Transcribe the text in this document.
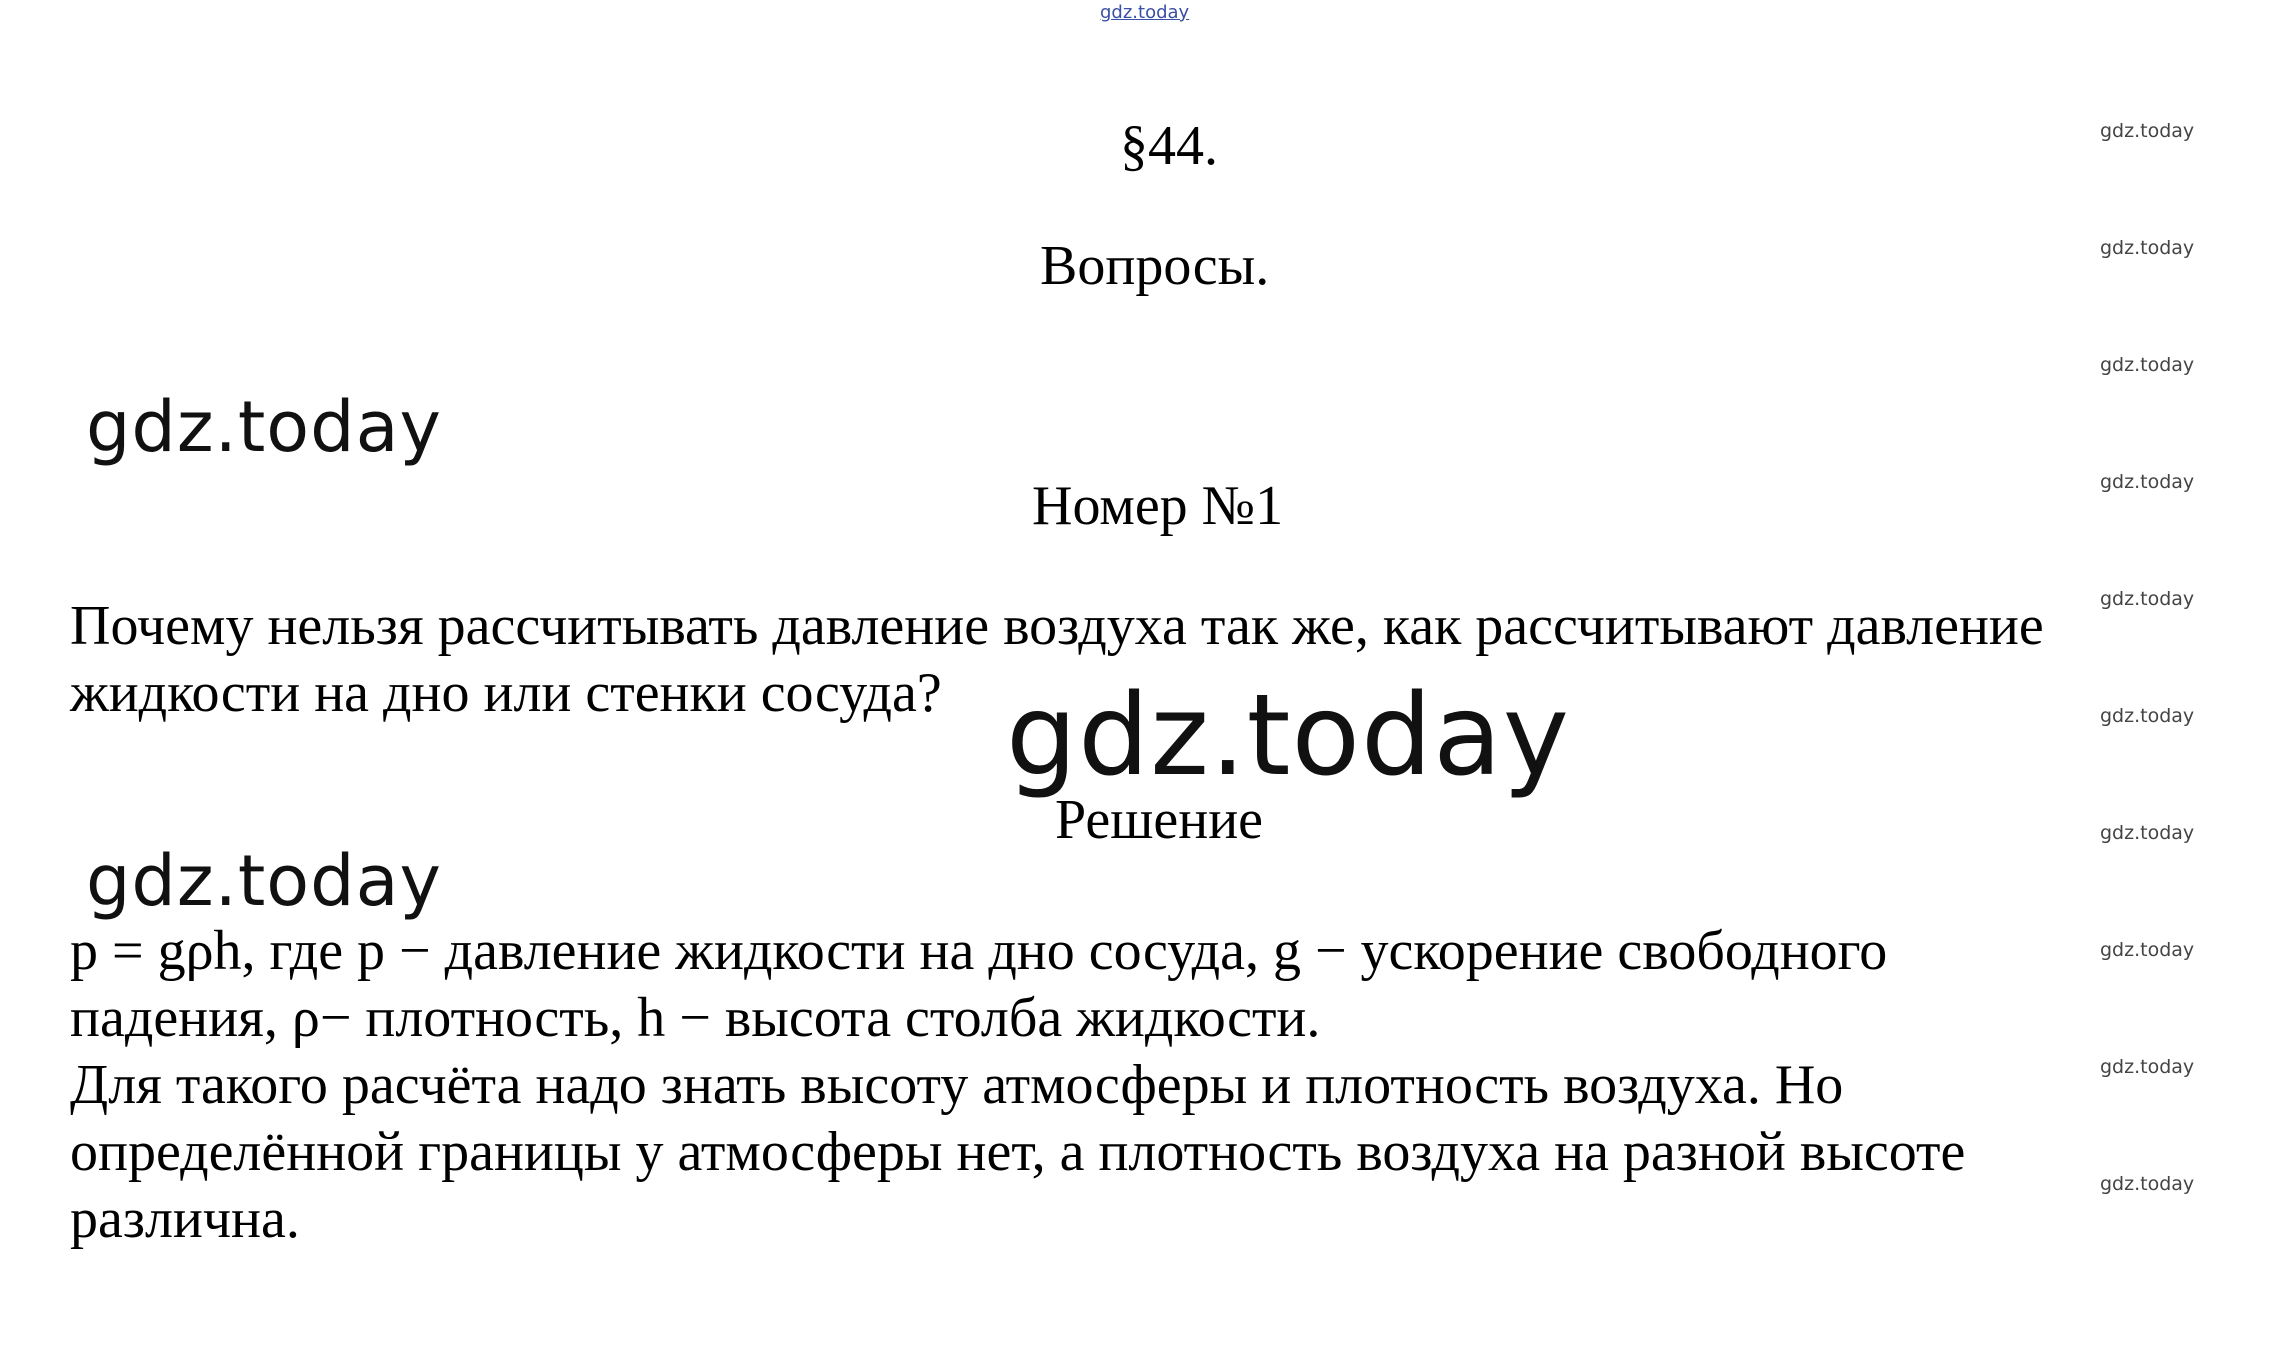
gdz.today
gdz.today
gdz.today
gdz.today
gdz.today
gdz.today
gdz.today
gdz.today
gdz.today
gdz.today
gdz.today
gdz.today
gdz.today
gdz.today
§44.
Вопросы.
Номер №1
Почему нельзя рассчитывать давление воздуха так же, как рассчитывают давление
жидкости на дно или стенки сосуда?
Решение
p = gρh, где p − давление жидкости на дно сосуда, g − ускорение свободного
падения, ρ− плотность, h − высота столба жидкости.
Для такого расчёта надо знать высоту атмосферы и плотность воздуха. Но
определённой границы у атмосферы нет, а плотность воздуха на разной высоте
различна.
